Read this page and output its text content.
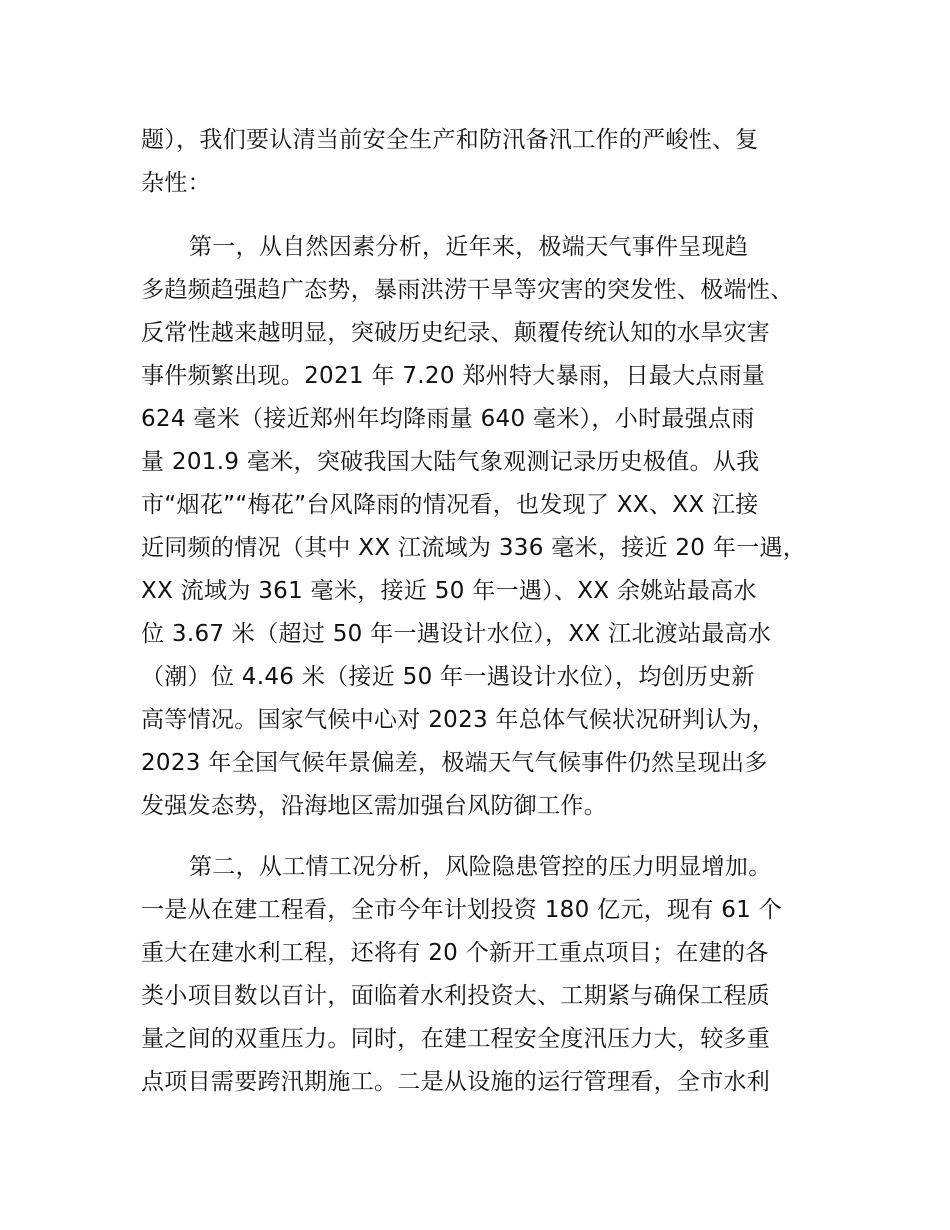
题），我们要认清当前安全生产和防汛备汛工作的严峻性、复
杂性：
第一，从自然因素分析，近年来，极端天气事件呈现趋
多趋频趋强趋广态势，暴雨洪涝干旱等灾害的突发性、极端性、
反常性越来越明显，突破历史纪录、颠覆传统认知的水旱灾害
事件频繁出现。2021 年 7.20 郑州特大暴雨，日最大点雨量
624 毫米（接近郑州年均降雨量 640 毫米），小时最强点雨
量 201.9 毫米，突破我国大陆气象观测记录历史极值。从我
市“烟花”“梅花”台风降雨的情况看，也发现了 XX、XX 江接
近同频的情况（其中 XX 江流域为 336 毫米，接近 20 年一遇，
XX 流域为 361 毫米，接近 50 年一遇）、XX 余姚站最高水
位 3.67 米（超过 50 年一遇设计水位），XX 江北渡站最高水
（潮）位 4.46 米（接近 50 年一遇设计水位），均创历史新
高等情况。国家气候中心对 2023 年总体气候状况研判认为，
2023 年全国气候年景偏差，极端天气气候事件仍然呈现出多
发强发态势，沿海地区需加强台风防御工作。
第二，从工情工况分析，风险隐患管控的压力明显增加。
一是从在建工程看，全市今年计划投资 180 亿元，现有 61 个
重大在建水利工程，还将有 20 个新开工重点项目；在建的各
类小项目数以百计，面临着水利投资大、工期紧与确保工程质
量之间的双重压力。同时，在建工程安全度汛压力大，较多重
点项目需要跨汛期施工。二是从设施的运行管理看，全市水利
